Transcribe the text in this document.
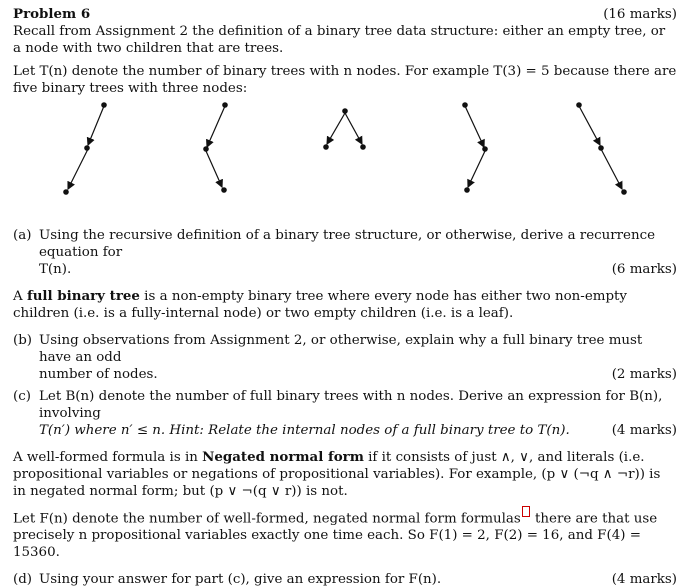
Problem 6	(16 marks)

Recall from Assignment 2 the definition of a binary tree data structure: either an empty tree, or a node with two children that are trees.

Let T(n) denote the number of binary trees with n nodes. For example T(3) = 5 because there are five binary trees with three nodes:

(a) Using the recursive definition of a binary tree structure, or otherwise, derive a recurrence equation for

T(n).	(6 marks)

A full binary tree is a non-empty binary tree where every node has either two non-empty children (i.e. is a fully-internal node) or two empty children (i.e. is a leaf).

(b) Using observations from Assignment 2, or otherwise, explain why a full binary tree must have an odd

number of nodes.	(2 marks)
(c) Let B(n) denote the number of full binary trees with n nodes. Derive an expression for B(n), involving

T(n′) where n′ ≤ n. Hint: Relate the internal nodes of a full binary tree to T(n).	(4 marks)

A well-formed formula is in Negated normal form if it consists of just ∧, ∨, and literals (i.e. propositional variables or negations of propositional variables). For example, (p ∨ (¬q ∧ ¬r)) is in negated normal form; but (p ∨ ¬(q ∨ r)) is not.

Let F(n) denote the number of well-formed, negated normal form formulas there are that use precisely n propositional variables exactly one time each. So F(1) = 2, F(2) = 16, and F(4) = 15360.

(d) Using your answer for part (c), give an expression for F(n).	(4 marks)
